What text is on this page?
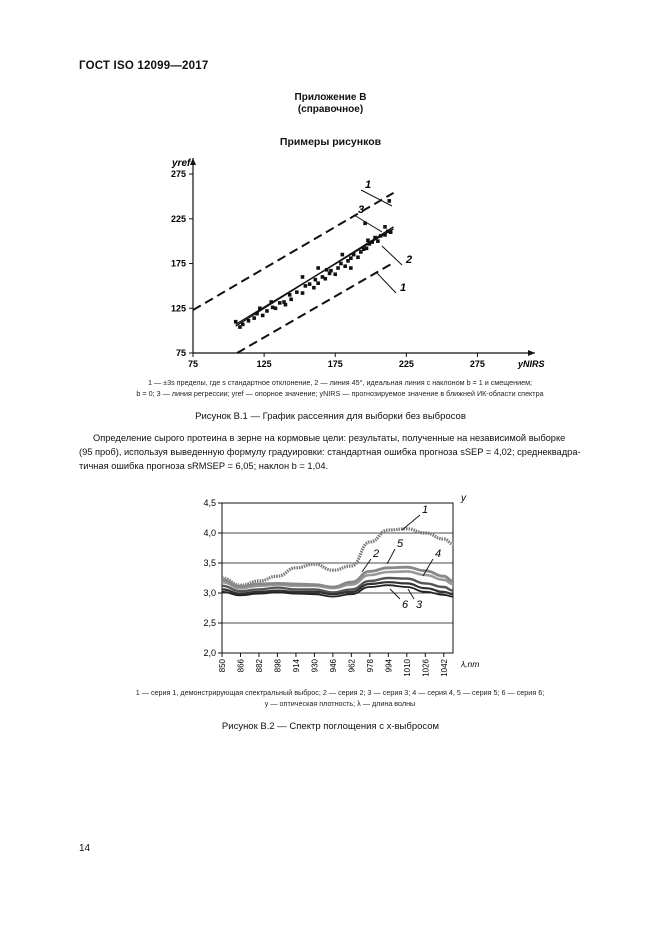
ГОСТ ISO 12099—2017
Приложение В
(справочное)
Примеры рисунков
75	125	175	225	275
75
125
175
225
275
yref
yNIRS
1
3
2
1
1 — ±3s пределы, где s стандартное отклонение, 2 — линия 45°, идеальная линия с наклоном b = 1 и смещением;
b = 0; 3 — линия регрессии; yref — опорное значение; yNIRS — прогнозируемое значение в ближней ИК-области спектра
Рисунок В.1 — График рассеяния для выборки без выбросов
Определение сырого протеина в зерне на кормовые цели: результаты, полученные на независимой выборке
(95 проб), используя выведенную формулу градуировки: стандартная ошибка прогноза sSEP = 4,02; среднеквадра-
тичная ошибка прогноза sRMSEP = 6,05; наклон b = 1,04.
2,0
2,5
3,0
3,5
4,0
4,5
850 866 882 898 914 930 946 962 978 994 1010 1026 1042
y
λ,nm
1
2
5
4
6 3
1 — серия 1, демонстрирующая спектральный выброс; 2 — серия 2; 3 — серия 3; 4 — серия 4, 5 — серия 5; 6 — серия 6;
y — оптическая плотность; λ — длина волны
Рисунок В.2 — Спектр поглощения с x-выбросом
14
